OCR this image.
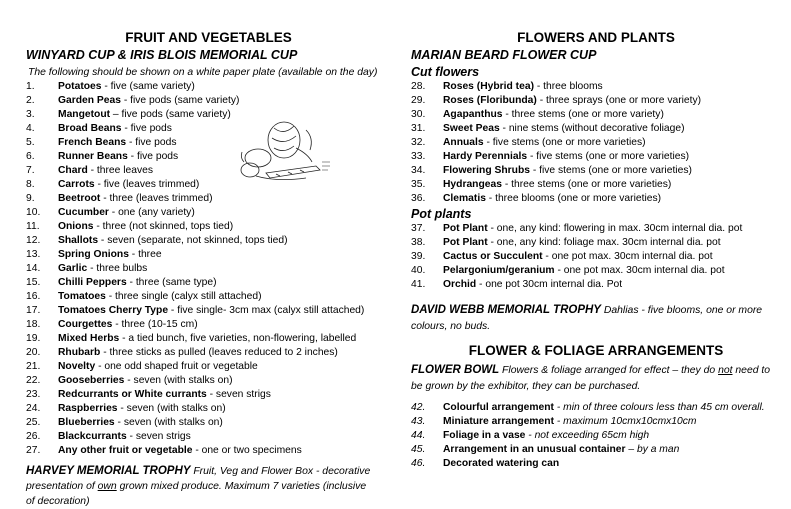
FRUIT AND VEGETABLES
WINYARD CUP & IRIS BLOIS MEMORIAL CUP
The following should be shown on a white paper plate (available on the day)
1.	Potatoes - five (same variety)
2.	Garden Peas - five pods (same variety)
3.	Mangetout – five pods (same variety)
4.	Broad Beans - five pods
5.	French Beans - five pods
6.	Runner Beans - five pods
7.	Chard - three leaves
8.	Carrots - five (leaves trimmed)
9.	Beetroot - three (leaves trimmed)
10.	Cucumber - one (any variety)
11.	Onions - three (not skinned, tops tied)
12.	Shallots - seven (separate, not skinned, tops tied)
13.	Spring Onions - three
14.	Garlic - three bulbs
15.	Chilli Peppers - three (same type)
16.	Tomatoes - three single (calyx still attached)
17.	Tomatoes Cherry Type - five single- 3cm max (calyx still attached)
18.	Courgettes - three (10-15 cm)
19.	Mixed Herbs - a tied bunch, five varieties, non-flowering, labelled
20.	Rhubarb - three sticks as pulled (leaves reduced to 2 inches)
21.	Novelty - one odd shaped fruit or vegetable
22.	Gooseberries - seven (with stalks on)
23.	Redcurrants or White currants - seven strigs
24.	Raspberries - seven (with stalks on)
25.	Blueberries - seven (with stalks on)
26.	Blackcurrants - seven strigs
27.	Any other fruit or vegetable - one or two specimens
HARVEY MEMORIAL TROPHY Fruit, Veg and Flower Box - decorative presentation of own grown mixed produce. Maximum 7 varieties (inclusive of decoration)
FLOWERS AND PLANTS
MARIAN BEARD FLOWER CUP
Cut flowers
28.	Roses (Hybrid tea) - three blooms
29.	Roses (Floribunda) - three sprays (one or more variety)
30.	Agapanthus - three stems (one or more variety)
31.	Sweet Peas - nine stems (without decorative foliage)
32.	Annuals - five stems (one or more varieties)
33.	Hardy Perennials - five stems (one or more varieties)
34.	Flowering Shrubs - five stems (one or more varieties)
35.	Hydrangeas - three stems (one or more varieties)
36.	Clematis - three blooms (one or more varieties)
Pot plants
37.	Pot Plant - one, any kind: flowering in max. 30cm internal dia. pot
38.	Pot Plant - one, any kind: foliage max. 30cm internal dia. pot
39.	Cactus or Succulent - one pot max. 30cm internal dia. pot
40.	Pelargonium/geranium - one pot max. 30cm internal dia. pot
41.	Orchid - one pot 30cm internal dia. Pot
DAVID WEBB MEMORIAL TROPHY Dahlias - five blooms, one or more colours, no buds.
FLOWER & FOLIAGE ARRANGEMENTS
FLOWER BOWL Flowers & foliage arranged for effect – they do not need to be grown by the exhibitor, they can be purchased.
42.	Colourful arrangement - min of three colours less than 45 cm overall.
43.	Miniature arrangement - maximum 10cmx10cmx10cm
44.	Foliage in a vase - not exceeding 65cm high
45.	Arrangement in an unusual container – by a man
46.	Decorated watering can
